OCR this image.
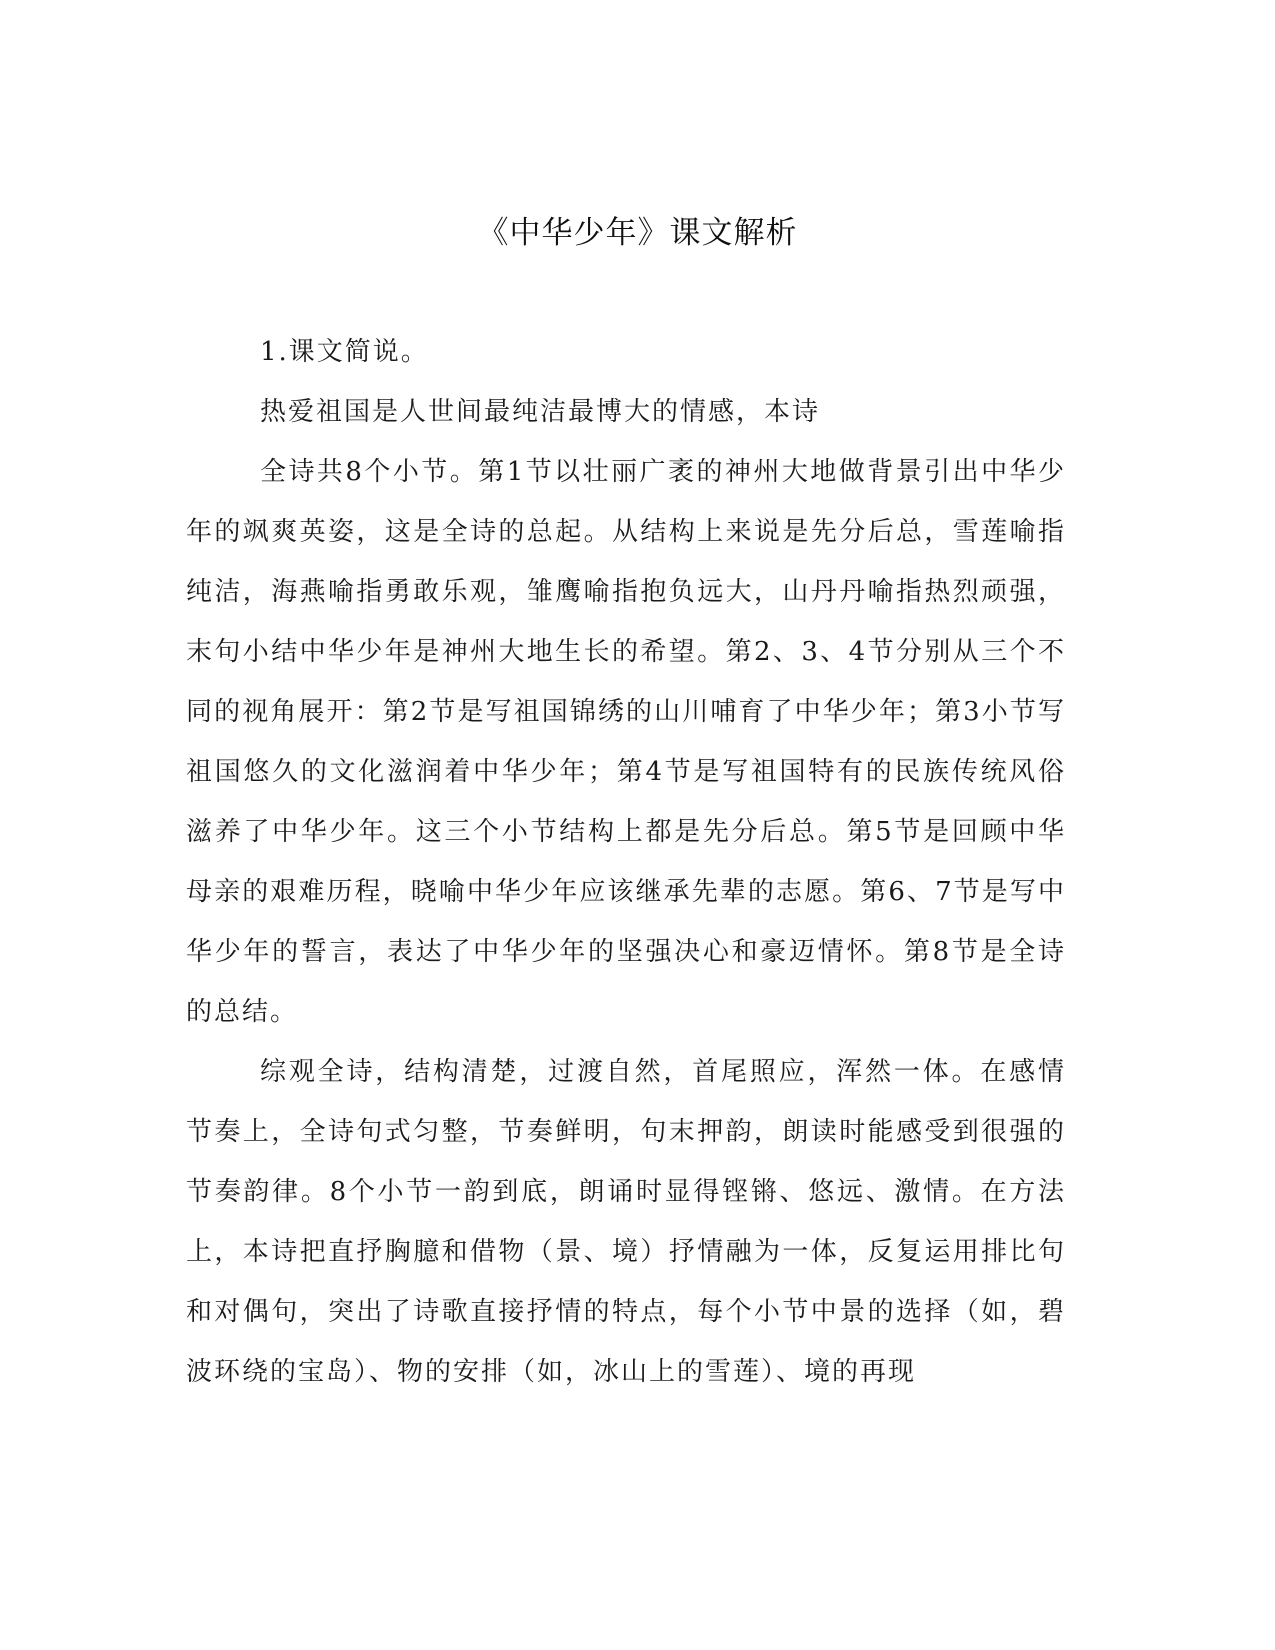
《中华少年》课文解析

1.课文简说。

热爱祖国是人世间最纯洁最博大的情感，本诗

全诗共8个小节。第1节以壮丽广袤的神州大地做背景引出中华少年的飒爽英姿，这是全诗的总起。从结构上来说是先分后总，雪莲喻指纯洁，海燕喻指勇敢乐观，雏鹰喻指抱负远大，山丹丹喻指热烈顽强，末句小结中华少年是神州大地生长的希望。第2、3、4节分别从三个不同的视角展开：第2节是写祖国锦绣的山川哺育了中华少年；第3小节写祖国悠久的文化滋润着中华少年；第4节是写祖国特有的民族传统风俗滋养了中华少年。这三个小节结构上都是先分后总。第5节是回顾中华母亲的艰难历程，晓喻中华少年应该继承先辈的志愿。第6、7节是写中华少年的誓言，表达了中华少年的坚强决心和豪迈情怀。第8节是全诗的总结。

综观全诗，结构清楚，过渡自然，首尾照应，浑然一体。在感情节奏上，全诗句式匀整，节奏鲜明，句末押韵，朗读时能感受到很强的节奏韵律。8个小节一韵到底，朗诵时显得铿锵、悠远、激情。在方法上，本诗把直抒胸臆和借物（景、境）抒情融为一体，反复运用排比句和对偶句，突出了诗歌直接抒情的特点，每个小节中景的选择（如，碧波环绕的宝岛）、物的安排（如，冰山上的雪莲）、境的再现
